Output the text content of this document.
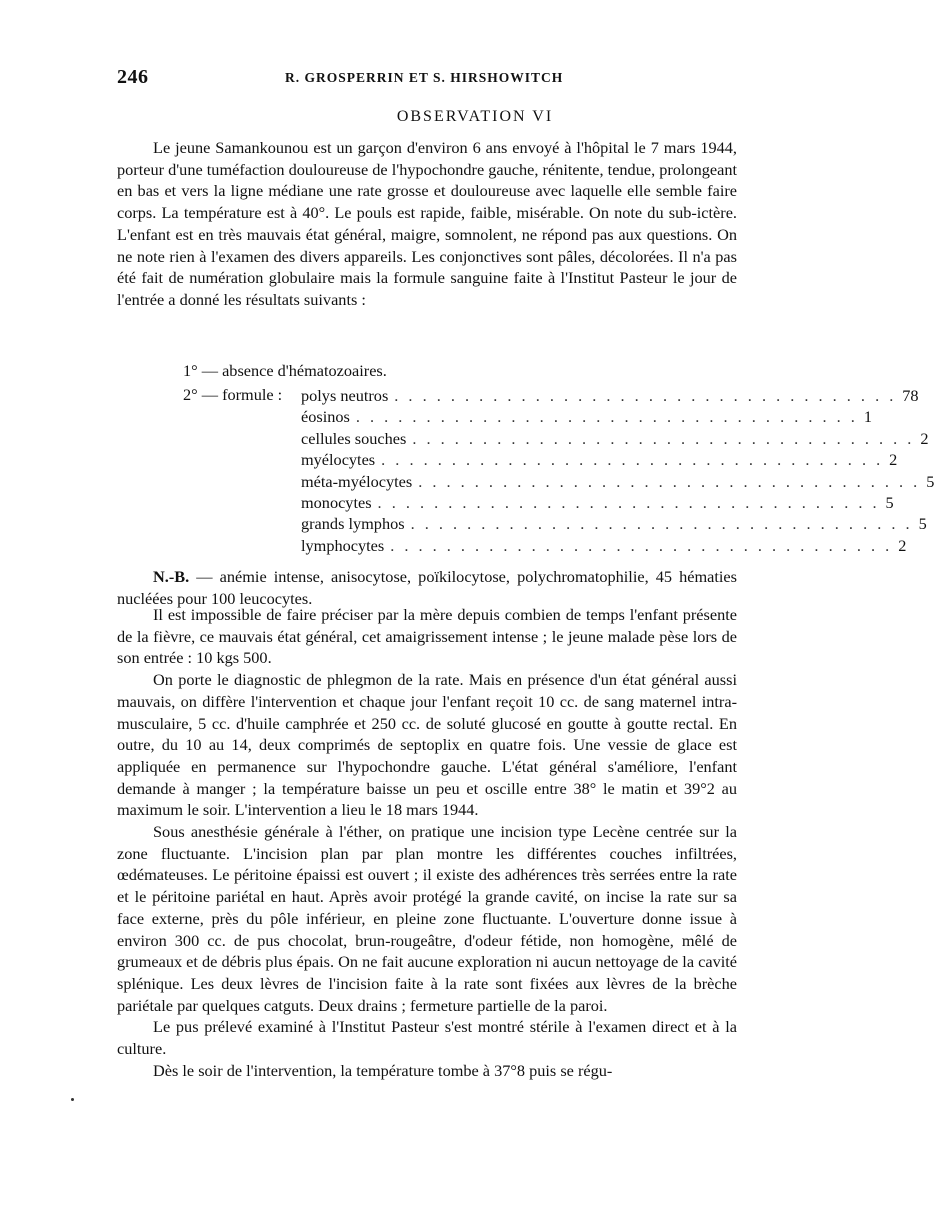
246	R. GROSPERRIN ET S. HIRSHOWITCH
OBSERVATION VI

Le jeune Samankounou est un garçon d'environ 6 ans envoyé à l'hôpital le 7 mars 1944, porteur d'une tuméfaction douloureuse de l'hypochondre gauche, rénitente, tendue, prolongeant en bas et vers la ligne médiane une rate grosse et douloureuse avec laquelle elle semble faire corps. La température est à 40°. Le pouls est rapide, faible, misérable. On note du sub-ictère. L'enfant est en très mauvais état général, maigre, somnolent, ne répond pas aux questions. On ne note rien à l'examen des divers appareils. Les conjonctives sont pâles, décolorées. Il n'a pas été fait de numération globulaire mais la formule sanguine faite à l'Institut Pasteur le jour de l'entrée a donné les résultats suivants :

1° — absence d'hématozoaires.
2° — formule : polys neutros . . . . . . . . . . . . . . . . . . . . . . . . . . . . . . . . . . . . 78
éosinos . . . . . . . . . . . . . . . . . . . . . . . . . . . . . . . . . . . . 1
cellules souches . . . . . . . . . . . . . . . . . . . . . . . . . . . . . . . . . . . . 2
myélocytes . . . . . . . . . . . . . . . . . . . . . . . . . . . . . . . . . . . . 2
méta-myélocytes . . . . . . . . . . . . . . . . . . . . . . . . . . . . . . . . . . . . 5
monocytes . . . . . . . . . . . . . . . . . . . . . . . . . . . . . . . . . . . . 5
grands lymphos . . . . . . . . . . . . . . . . . . . . . . . . . . . . . . . . . . . . 5
lymphocytes . . . . . . . . . . . . . . . . . . . . . . . . . . . . . . . . . . . . 2

N.-B. — anémie intense, anisocytose, poïkilocytose, polychromatophilie, 45 hématies nucléées pour 100 leucocytes.

Il est impossible de faire préciser par la mère depuis combien de temps l'enfant présente de la fièvre, ce mauvais état général, cet amaigrissement intense ; le jeune malade pèse lors de son entrée : 10 kgs 500.

On porte le diagnostic de phlegmon de la rate. Mais en présence d'un état général aussi mauvais, on diffère l'intervention et chaque jour l'enfant reçoit 10 cc. de sang maternel intra-musculaire, 5 cc. d'huile camphrée et 250 cc. de soluté glucosé en goutte à goutte rectal. En outre, du 10 au 14, deux comprimés de septoplix en quatre fois. Une vessie de glace est appliquée en permanence sur l'hypochondre gauche. L'état général s'améliore, l'enfant demande à manger ; la température baisse un peu et oscille entre 38° le matin et 39°2 au maximum le soir. L'intervention a lieu le 18 mars 1944.

Sous anesthésie générale à l'éther, on pratique une incision type Lecène centrée sur la zone fluctuante. L'incision plan par plan montre les différentes couches infiltrées, œdémateuses. Le péritoine épaissi est ouvert ; il existe des adhérences très serrées entre la rate et le péritoine pariétal en haut. Après avoir protégé la grande cavité, on incise la rate sur sa face externe, près du pôle inférieur, en pleine zone fluctuante. L'ouverture donne issue à environ 300 cc. de pus chocolat, brun-rougeâtre, d'odeur fétide, non homogène, mêlé de grumeaux et de débris plus épais. On ne fait aucune exploration ni aucun nettoyage de la cavité splénique. Les deux lèvres de l'incision faite à la rate sont fixées aux lèvres de la brèche pariétale par quelques catguts. Deux drains ; fermeture partielle de la paroi.

Le pus prélevé examiné à l'Institut Pasteur s'est montré stérile à l'examen direct et à la culture.

Dès le soir de l'intervention, la température tombe à 37°8 puis se régu-
